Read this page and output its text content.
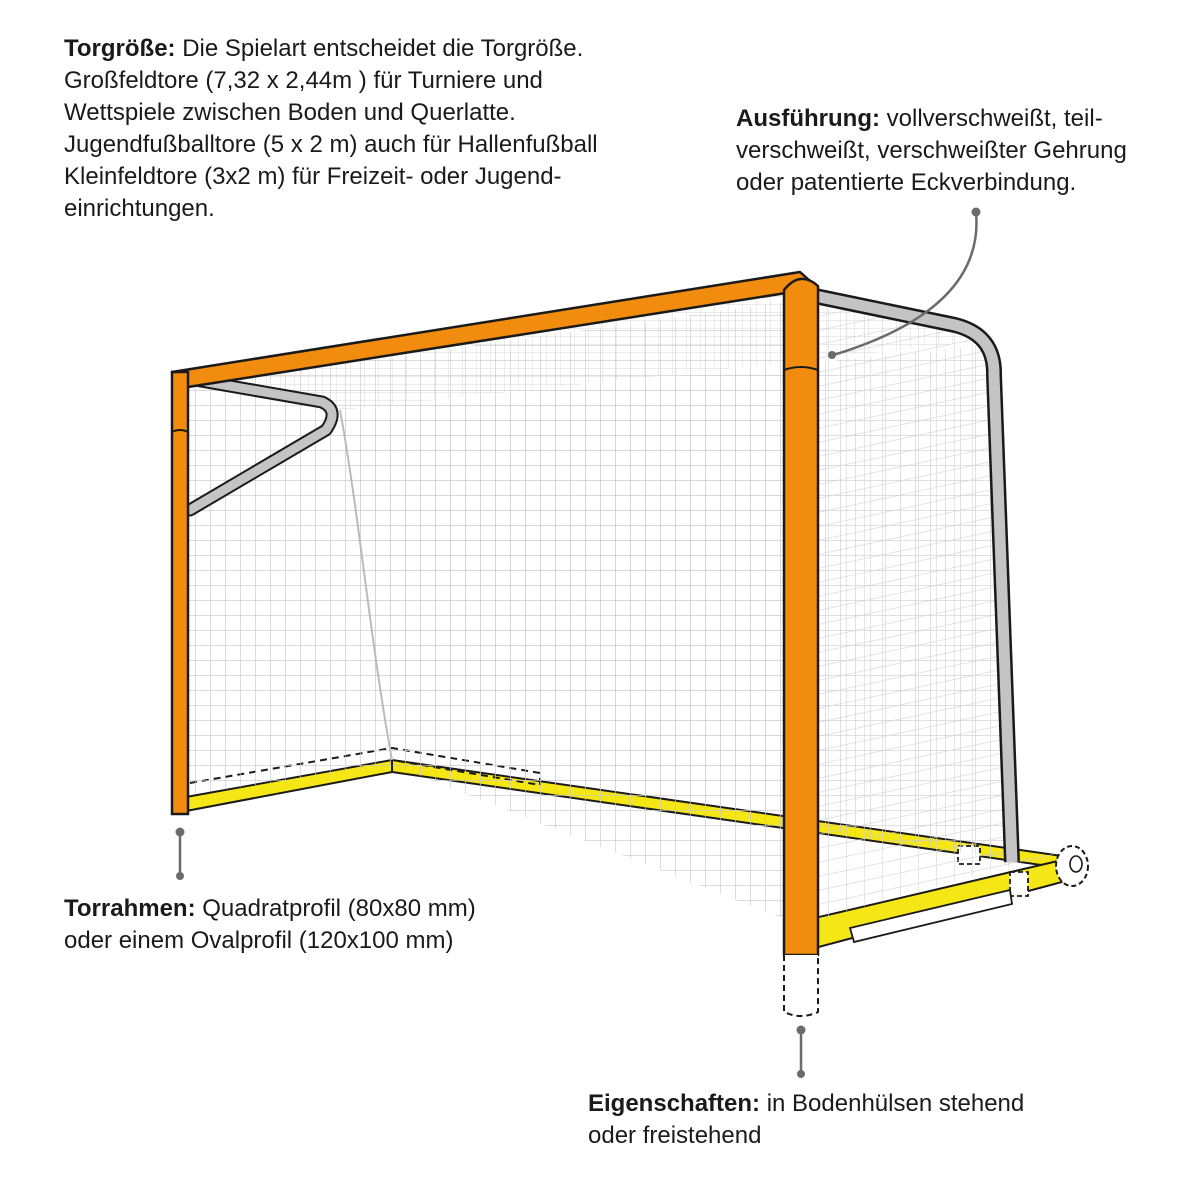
Torgröße: Die Spielart entscheidet die Torgröße.
Großfeldtore (7,32 x 2,44m ) für Turniere und
Wettspiele zwischen Boden und Querlatte.
Jugendfußballtore (5 x 2 m) auch für Hallenfußball
Kleinfeldtore (3x2 m) für Freizeit- oder Jugend-
einrichtungen.
Ausführung: vollverschweißt, teil-
verschweißt, verschweißter Gehrung
oder patentierte Eckverbindung.
Torrahmen: Quadratprofil (80x80 mm)
oder einem Ovalprofil (120x100 mm)
Eigenschaften: in Bodenhülsen stehend
oder freistehend
